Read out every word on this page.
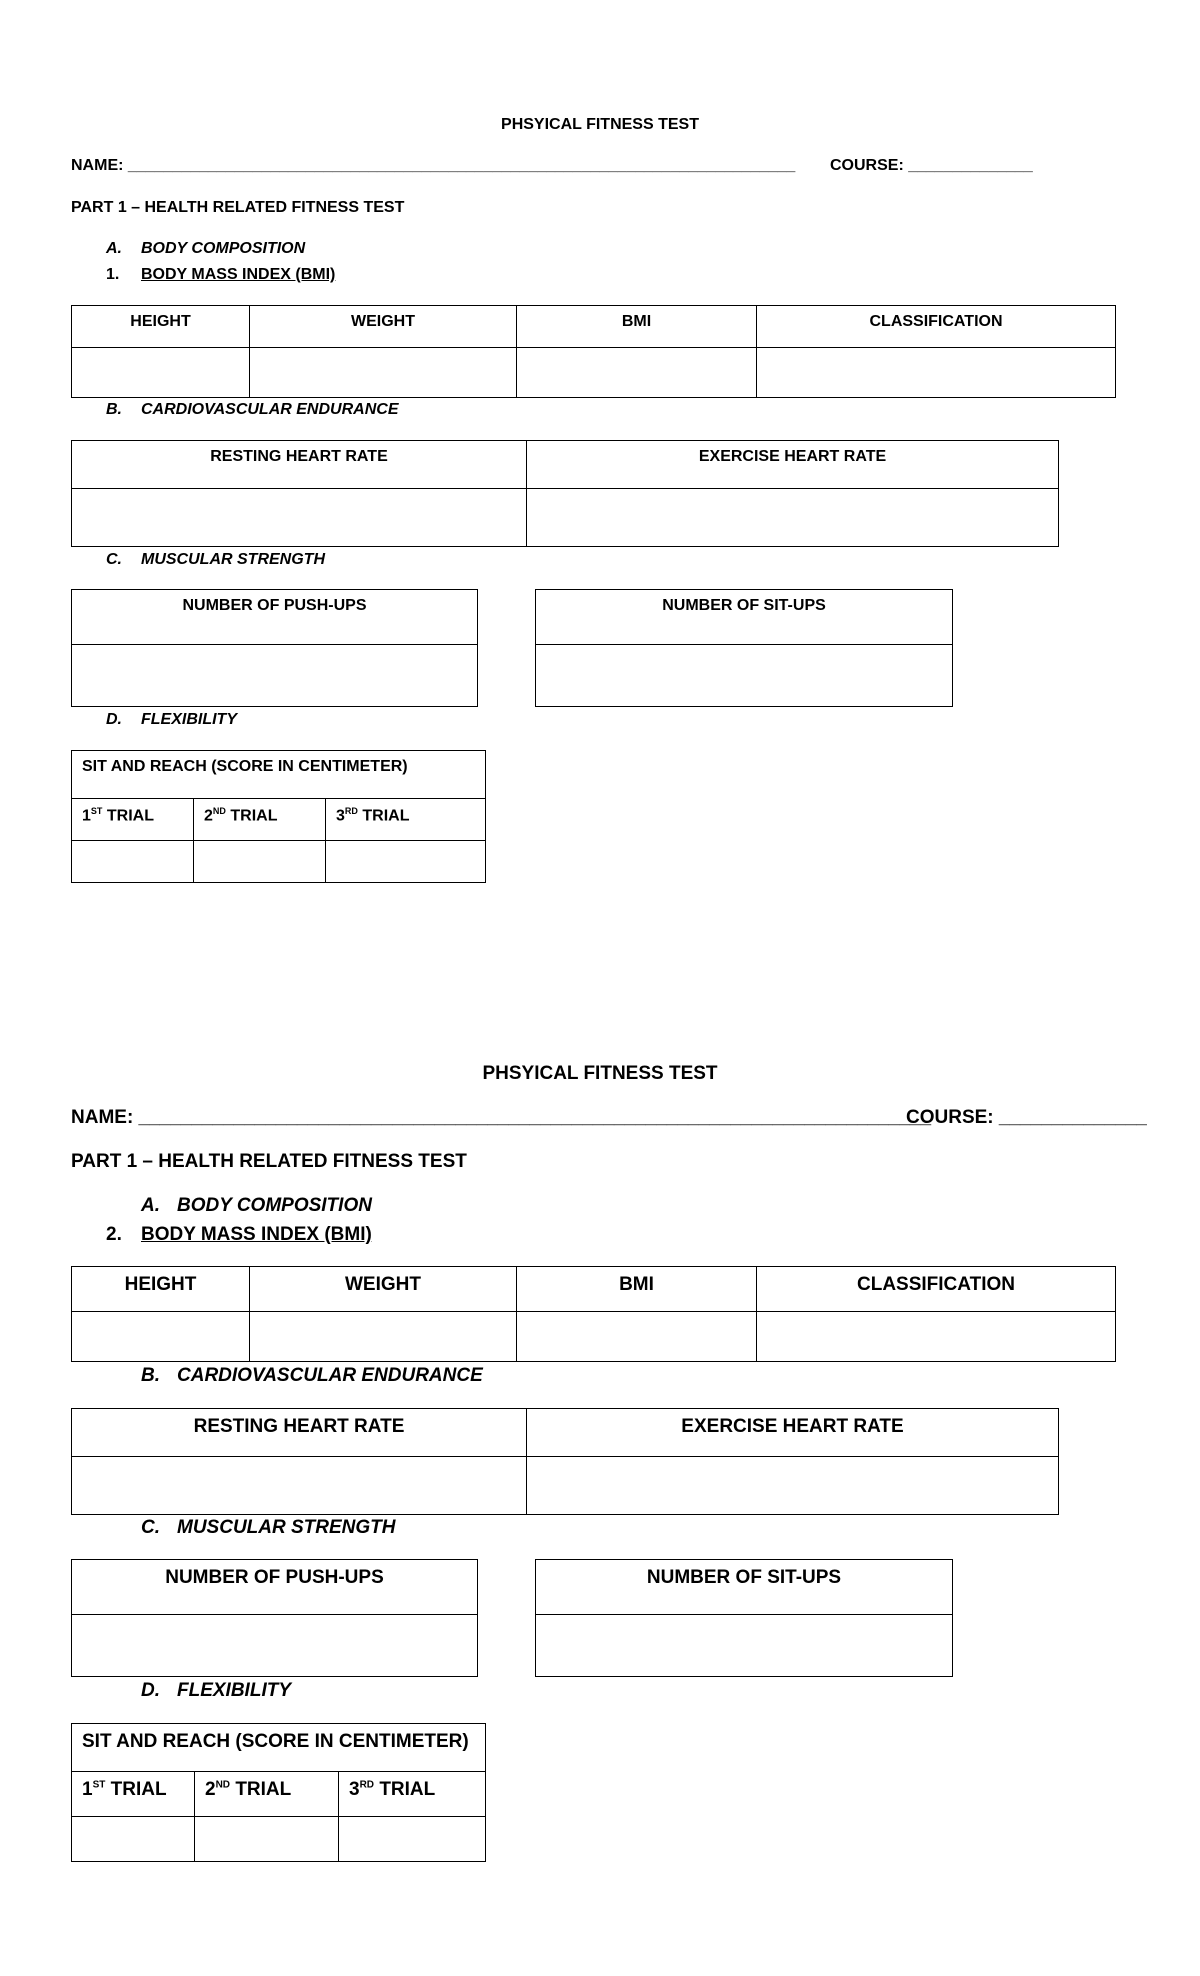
PHSYICAL FITNESS TEST
NAME: ___________________________________________________________________________ COURSE: ______________
PART 1 – HEALTH RELATED FITNESS TEST
A. BODY COMPOSITION
1. BODY MASS INDEX (BMI)
HEIGHT	WEIGHT	BMI	CLASSIFICATION

B. CARDIOVASCULAR ENDURANCE
RESTING HEART RATE	EXERCISE HEART RATE

C. MUSCULAR STRENGTH
NUMBER OF PUSH-UPS	NUMBER OF SIT-UPS

D. FLEXIBILITY
SIT AND REACH (SCORE IN CENTIMETER)		

1ST TRIAL	2ND TRIAL	3RD TRIAL

PHSYICAL FITNESS TEST
NAME: ___________________________________________________________________________
COURSE: ______________
PART 1 – HEALTH RELATED FITNESS TEST
A. BODY COMPOSITION
2. BODY MASS INDEX (BMI)
HEIGHT	WEIGHT	BMI	CLASSIFICATION

B. CARDIOVASCULAR ENDURANCE
RESTING HEART RATE	EXERCISE HEART RATE

C. MUSCULAR STRENGTH
NUMBER OF PUSH-UPS	NUMBER OF SIT-UPS

D. FLEXIBILITY
SIT AND REACH (SCORE IN CENTIMETER)		

1ST TRIAL	2ND TRIAL	3RD TRIAL
